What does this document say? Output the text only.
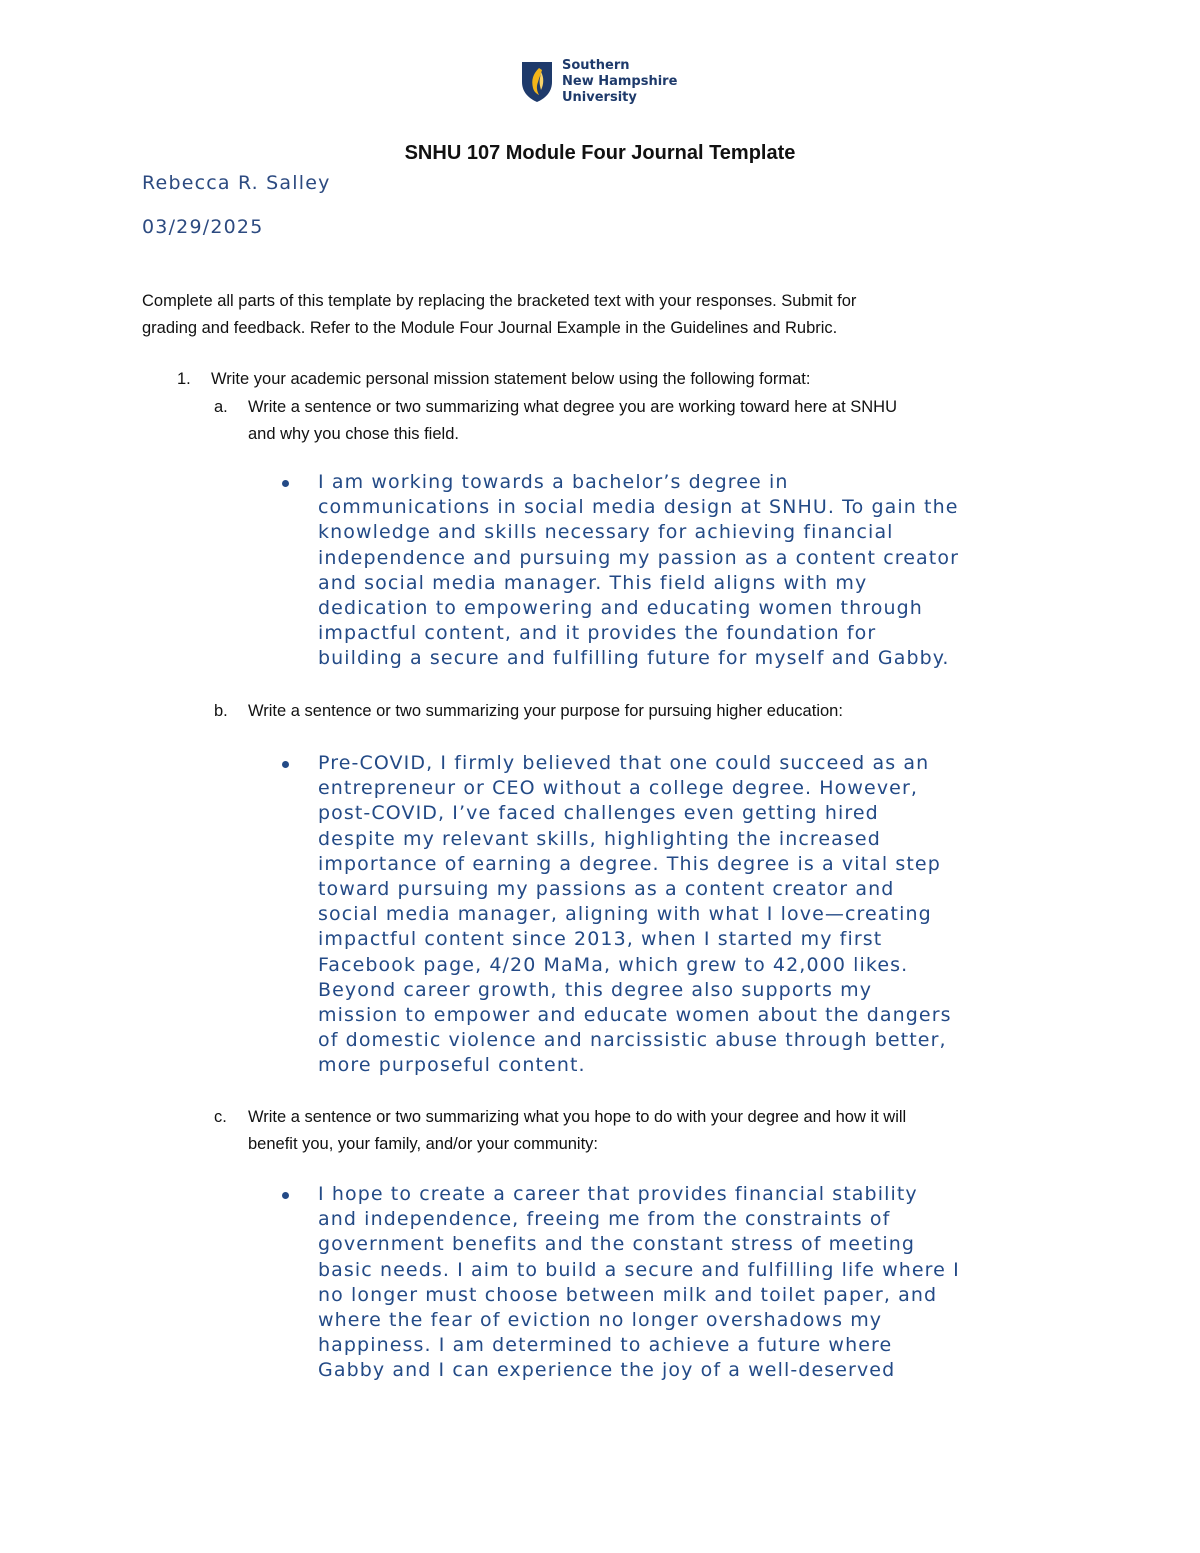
Southern
New Hampshire
University
SNHU 107 Module Four Journal Template
Rebecca R. Salley
03/29/2025
Complete all parts of this template by replacing the bracketed text with your responses. Submit for
grading and feedback. Refer to the Module Four Journal Example in the Guidelines and Rubric.
1. Write your academic personal mission statement below using the following format:
a. Write a sentence or two summarizing what degree you are working toward here at SNHU
and why you chose this field.
I am working towards a bachelor’s degree in
communications in social media design at SNHU. To gain the
knowledge and skills necessary for achieving financial
independence and pursuing my passion as a content creator
and social media manager. This field aligns with my
dedication to empowering and educating women through
impactful content, and it provides the foundation for
building a secure and fulfilling future for myself and Gabby.
b. Write a sentence or two summarizing your purpose for pursuing higher education:
Pre-COVID, I firmly believed that one could succeed as an
entrepreneur or CEO without a college degree. However,
post-COVID, I’ve faced challenges even getting hired
despite my relevant skills, highlighting the increased
importance of earning a degree. This degree is a vital step
toward pursuing my passions as a content creator and
social media manager, aligning with what I love—creating
impactful content since 2013, when I started my first
Facebook page, 4/20 MaMa, which grew to 42,000 likes.
Beyond career growth, this degree also supports my
mission to empower and educate women about the dangers
of domestic violence and narcissistic abuse through better,
more purposeful content.
c. Write a sentence or two summarizing what you hope to do with your degree and how it will
benefit you, your family, and/or your community:
I hope to create a career that provides financial stability
and independence, freeing me from the constraints of
government benefits and the constant stress of meeting
basic needs. I aim to build a secure and fulfilling life where I
no longer must choose between milk and toilet paper, and
where the fear of eviction no longer overshadows my
happiness. I am determined to achieve a future where
Gabby and I can experience the joy of a well-deserved
